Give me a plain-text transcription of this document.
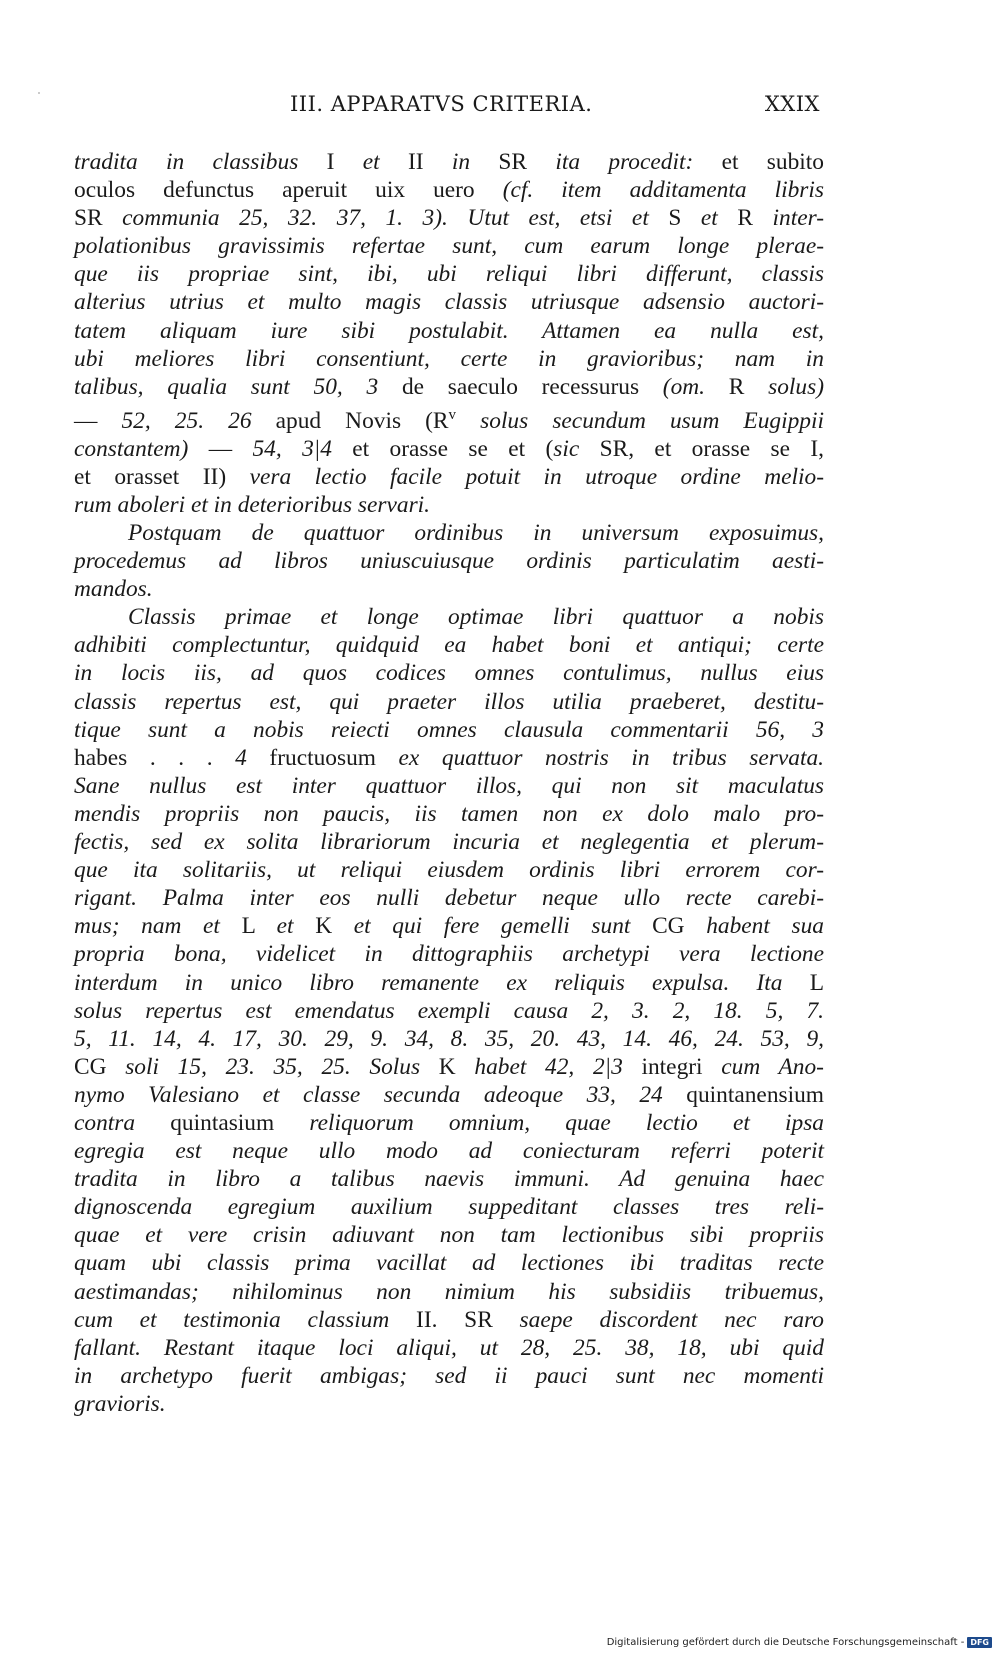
III. APPARATVS CRITERIA.	XXIX
tradita in classibus I et II in SR ita procedit: et subito
oculos defunctus aperuit uix uero (cf. item additamenta libris
SR communia 25, 32. 37, 1. 3). Utut est, etsi et S et R inter-
polationibus gravissimis refertae sunt, cum earum longe plerae-
que iis propriae sint, ibi, ubi reliqui libri differunt, classis
alterius utrius et multo magis classis utriusque adsensio auctori-
tatem aliquam iure sibi postulabit. Attamen ea nulla est,
ubi meliores libri consentiunt, certe in gravioribus; nam in
talibus, qualia sunt 50, 3 de saeculo recessurus (om. R solus)
— 52, 25. 26 apud Novis ($R^v$ solus secundum usum Eugippii
constantem) — 54, 3|4 et orasse se et (sic SR, et orasse se I,
et orasset II) vera lectio facile potuit in utroque ordine melio-
rum aboleri et in deterioribus servari.
Postquam de quattuor ordinibus in universum exposuimus,
procedemus ad libros uniuscuiusque ordinis particulatim aesti-
mandos.
Classis primae et longe optimae libri quattuor a nobis
adhibiti complectuntur, quidquid ea habet boni et antiqui; certe
in locis iis, ad quos codices omnes contulimus, nullus eius
classis repertus est, qui praeter illos utilia praeberet, destitu-
tique sunt a nobis reiecti omnes clausula commentarii 56, 3
habes . . . 4 fructuosum ex quattuor nostris in tribus servata.
Sane nullus est inter quattuor illos, qui non sit maculatus
mendis propriis non paucis, iis tamen non ex dolo malo pro-
fectis, sed ex solita librariorum incuria et neglegentia et plerum-
que ita solitariis, ut reliqui eiusdem ordinis libri errorem cor-
rigant. Palma inter eos nulli debetur neque ullo recte carebi-
mus; nam et L et K et qui fere gemelli sunt CG habent sua
propria bona, videlicet in dittographiis archetypi vera lectione
interdum in unico libro remanente ex reliquis expulsa. Ita L
solus repertus est emendatus exempli causa 2, 3. 2, 18. 5, 7.
5, 11. 14, 4. 17, 30. 29, 9. 34, 8. 35, 20. 43, 14. 46, 24. 53, 9,
CG soli 15, 23. 35, 25. Solus K habet 42, 2|3 integri cum Ano-
nymo Valesiano et classe secunda adeoque 33, 24 quintanensium
contra quintasium reliquorum omnium, quae lectio et ipsa
egregia est neque ullo modo ad coniecturam referri poterit
tradita in libro a talibus naevis immuni. Ad genuina haec
dignoscenda egregium auxilium suppeditant classes tres reli-
quae et vere crisin adiuvant non tam lectionibus sibi propriis
quam ubi classis prima vacillat ad lectiones ibi traditas recte
aestimandas; nihilominus non nimium his subsidiis tribuemus,
cum et testimonia classium II. SR saepe discordent nec raro
fallant. Restant itaque loci aliqui, ut 28, 25. 38, 18, ubi quid
in archetypo fuerit ambigas; sed ii pauci sunt nec momenti
gravioris.
Digitalisierung gefördert durch die Deutsche Forschungsgemeinschaft - DFG
